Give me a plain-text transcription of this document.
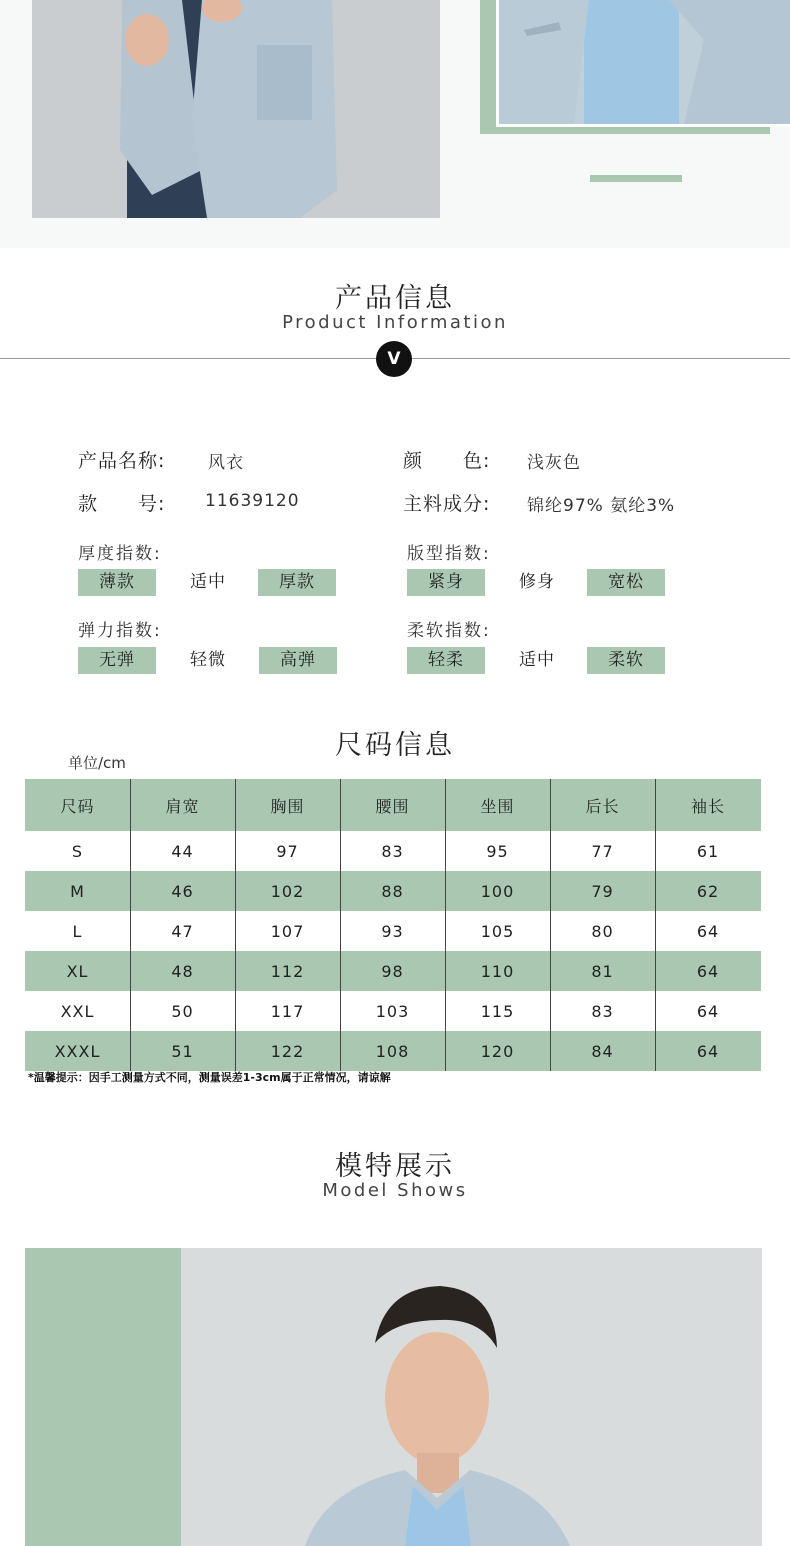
产品信息
Product Information
V
产品名称:	风衣	颜　　色: 浅灰色
款　　号: 11639120	主料成分: 锦纶97% 氨纶3%
厚度指数:
薄款	适中	厚款
版型指数:
紧身	修身	宽松
弹力指数:
无弹	轻微	高弹
柔软指数:
轻柔	适中	柔软
尺码信息
单位/cm
尺码	肩宽	胸围	腰围	坐围	后长	袖长
S	44	97	83	95	77	61
M	46	102	88	100	79	62
L	47	107	93	105	80	64
XL	48	112	98	110	81	64
XXL	50	117	103	115	83	64
XXXL	51	122	108	120	84	64
*温馨提示：因手工测量方式不同，测量误差1-3cm属于正常情况，请谅解
模特展示
Model Shows
